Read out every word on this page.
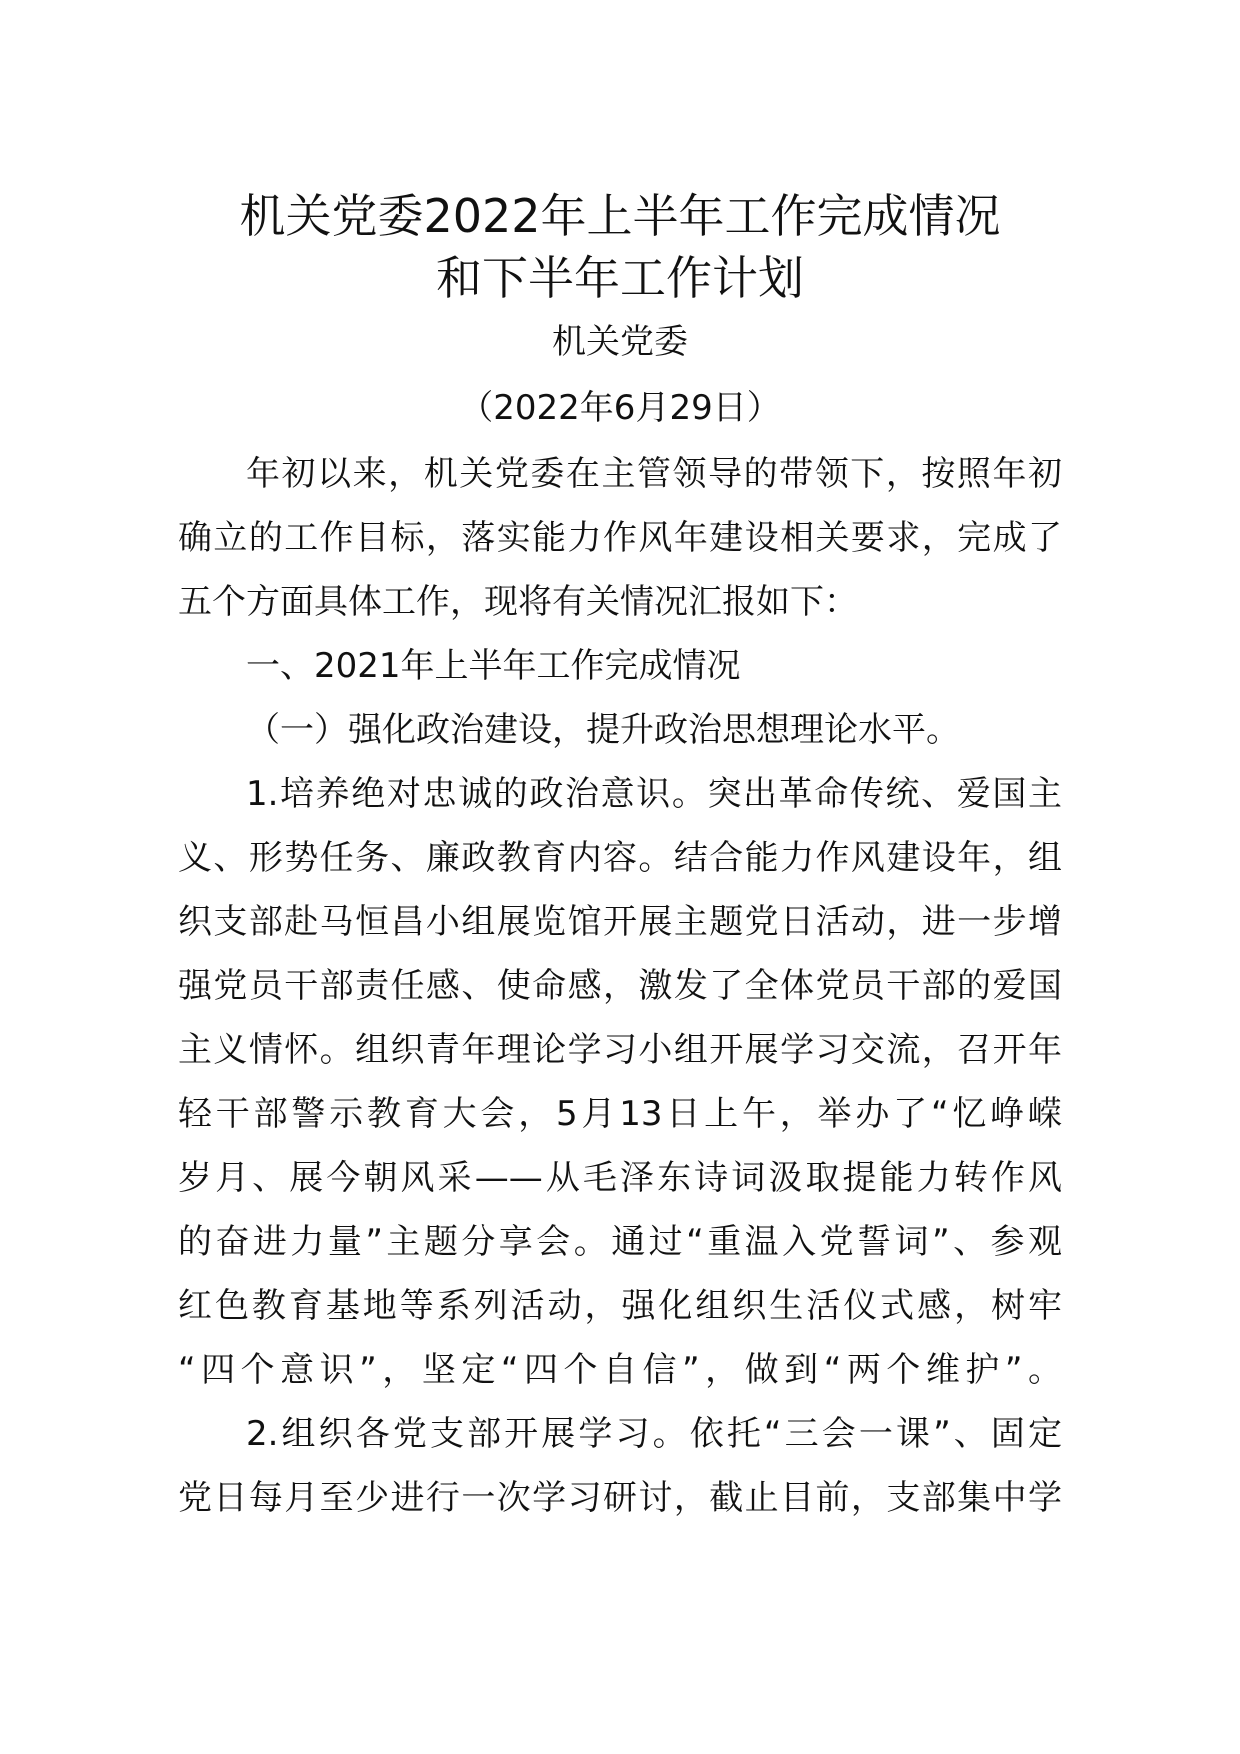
机关党委2022年上半年工作完成情况
和下半年工作计划
机关党委
（2022年6月29日）
年初以来，机关党委在主管领导的带领下，按照年初
确立的工作目标，落实能力作风年建设相关要求，完成了
五个方面具体工作，现将有关情况汇报如下：
一、2021年上半年工作完成情况
（一）强化政治建设，提升政治思想理论水平。
1.培养绝对忠诚的政治意识。突出革命传统、爱国主
义、形势任务、廉政教育内容。结合能力作风建设年，组
织支部赴马恒昌小组展览馆开展主题党日活动，进一步增
强党员干部责任感、使命感，激发了全体党员干部的爱国
主义情怀。组织青年理论学习小组开展学习交流，召开年
轻干部警示教育大会，5月13日上午，举办了“忆峥嵘
岁月、展今朝风采——从毛泽东诗词汲取提能力转作风
的奋进力量”主题分享会。通过“重温入党誓词”、参观
红色教育基地等系列活动，强化组织生活仪式感，树牢
“四个意识”，坚定“四个自信”，做到“两个维护”。
2.组织各党支部开展学习。依托“三会一课”、固定
党日每月至少进行一次学习研讨，截止目前，支部集中学
